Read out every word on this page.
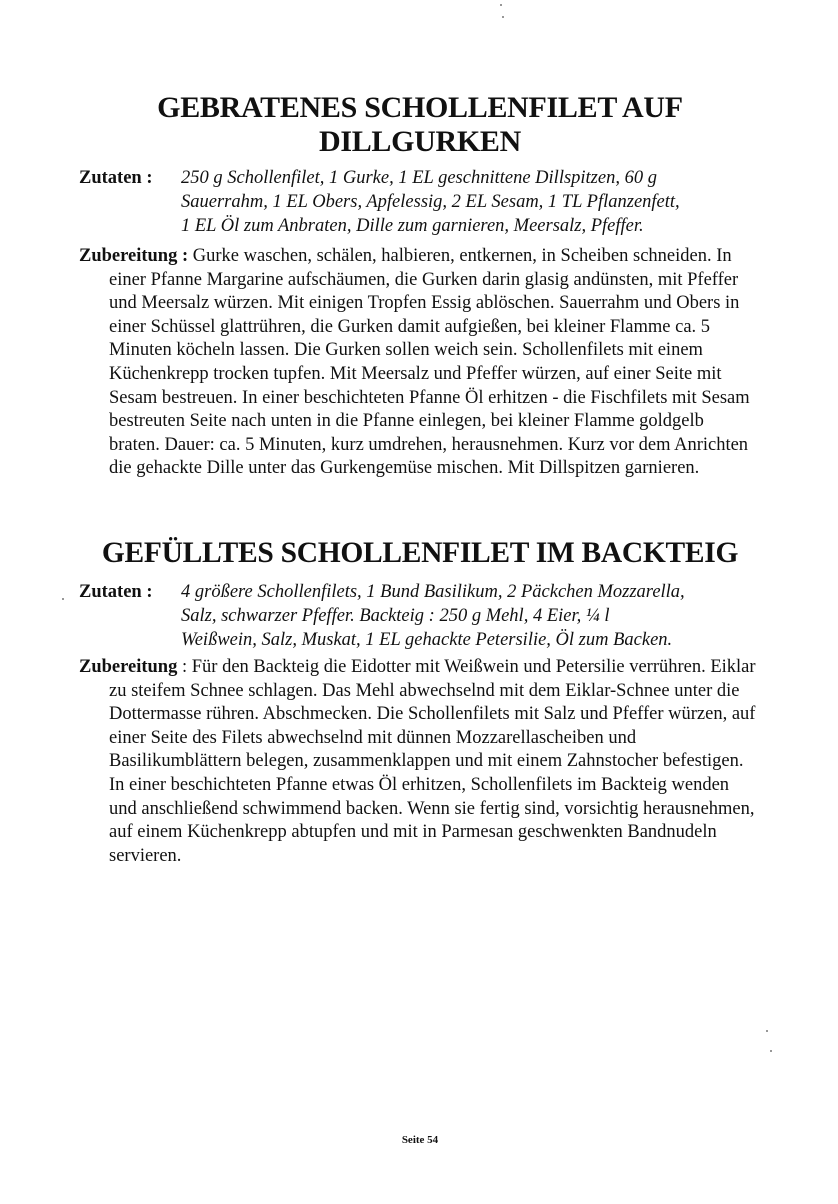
GEBRATENES SCHOLLENFILET AUF
DILLGURKEN
Zutaten : 250 g Schollenfilet, 1 Gurke, 1 EL geschnittene Dillspitzen, 60 g
Sauerrahm, 1 EL Obers, Apfelessig, 2 EL Sesam, 1 TL Pflanzenfett,
1 EL Öl zum Anbraten, Dille zum garnieren, Meersalz, Pfeffer.

Zubereitung : Gurke waschen, schälen, halbieren, entkernen, in Scheiben schneiden. In einer Pfanne Margarine aufschäumen, die Gurken darin glasig andünsten, mit Pfeffer und Meersalz würzen. Mit einigen Tropfen Essig ablöschen. Sauerrahm und Obers in einer Schüssel glattrühren, die Gurken damit aufgießen, bei kleiner Flamme ca. 5 Minuten köcheln lassen. Die Gurken sollen weich sein. Schollenfilets mit einem Küchenkrepp trocken tupfen. Mit Meersalz und Pfeffer würzen, auf einer Seite mit Sesam bestreuen. In einer beschichteten Pfanne Öl erhitzen - die Fischfilets mit Sesam bestreuten Seite nach unten in die Pfanne einlegen, bei kleiner Flamme goldgelb braten. Dauer: ca. 5 Minuten, kurz umdrehen, herausnehmen. Kurz vor dem Anrichten die gehackte Dille unter das Gurkengemüse mischen. Mit Dillspitzen garnieren.

GEFÜLLTES SCHOLLENFILET IM BACKTEIG
Zutaten : 4 größere Schollenfilets, 1 Bund Basilikum, 2 Päckchen Mozzarella,
Salz, schwarzer Pfeffer. Backteig : 250 g Mehl, 4 Eier, ¼ l
Weißwein, Salz, Muskat, 1 EL gehackte Petersilie, Öl zum Backen.

Zubereitung : Für den Backteig die Eidotter mit Weißwein und Petersilie verrühren. Eiklar zu steifem Schnee schlagen. Das Mehl abwechselnd mit dem Eiklar-Schnee unter die Dottermasse rühren. Abschmecken. Die Schollenfilets mit Salz und Pfeffer würzen, auf einer Seite des Filets abwechselnd mit dünnen Mozzarellascheiben und Basilikumblättern belegen, zusammenklappen und mit einem Zahnstocher befestigen. In einer beschichteten Pfanne etwas Öl erhitzen, Schollenfilets im Backteig wenden und anschließend schwimmend backen. Wenn sie fertig sind, vorsichtig herausnehmen, auf einem Küchenkrepp abtupfen und mit in Parmesan geschwenkten Bandnudeln servieren.

Seite 54
